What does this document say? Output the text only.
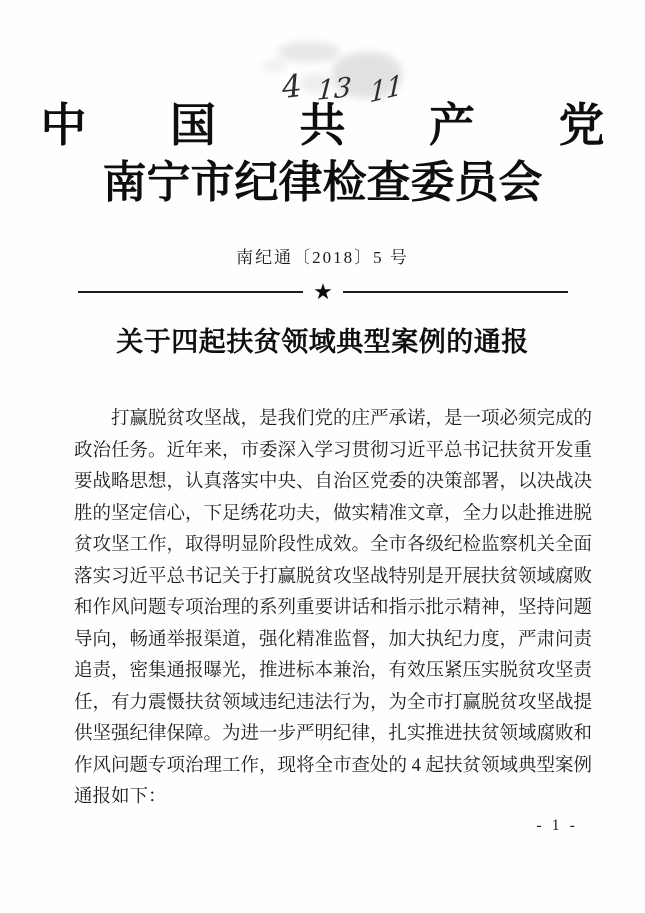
4 13 11
中 国 共 产 党
南宁市纪律检查委员会
南纪通〔2018〕5 号
★
关于四起扶贫领域典型案例的通报
打赢脱贫攻坚战，是我们党的庄严承诺，是一项必须完成的
政治任务。近年来，市委深入学习贯彻习近平总书记扶贫开发重
要战略思想，认真落实中央、自治区党委的决策部署，以决战决
胜的坚定信心，下足绣花功夫，做实精准文章，全力以赴推进脱
贫攻坚工作，取得明显阶段性成效。全市各级纪检监察机关全面
落实习近平总书记关于打赢脱贫攻坚战特别是开展扶贫领域腐败
和作风问题专项治理的系列重要讲话和指示批示精神，坚持问题
导向，畅通举报渠道，强化精准监督，加大执纪力度，严肃问责
追责，密集通报曝光，推进标本兼治，有效压紧压实脱贫攻坚责
任，有力震慑扶贫领域违纪违法行为，为全市打赢脱贫攻坚战提
供坚强纪律保障。为进一步严明纪律，扎实推进扶贫领域腐败和
作风问题专项治理工作，现将全市查处的 4 起扶贫领域典型案例
通报如下：
- 1 -
